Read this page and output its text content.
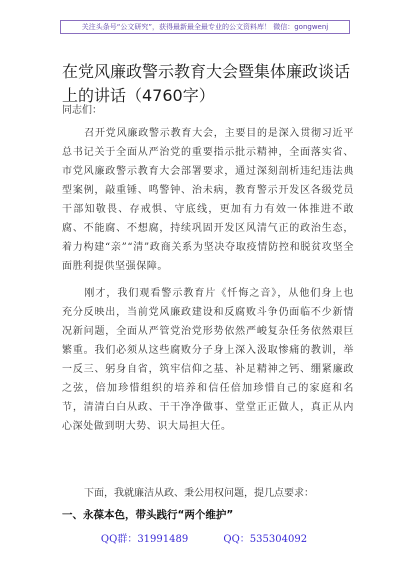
关注头条号“公文研究”，获得最新最全最专业的公文资料库！ 微信：gongwenj
在党风廉政警示教育大会暨集体廉政谈话上的讲话（4760字）
同志们：

召开党风廉政警示教育大会，主要目的是深入贯彻习近平总书记关于全面从严治党的重要指示批示精神，全面落实省、市党风廉政警示教育大会部署要求，通过深刻剖析违纪违法典型案例，敲重锤、鸣警钟、治未病，教育警示开发区各级党员干部知敬畏、存戒惧、守底线，更加有力有效一体推进不敢腐、不能腐、不想腐，持续巩固开发区风清气正的政治生态，着力构建“亲”“清”政商关系为坚决夺取疫情防控和脱贫攻坚全面胜利提供坚强保障。

刚才，我们观看警示教育片《忏悔之音》，从他们身上也充分反映出，当前党风廉政建设和反腐败斗争仍面临不少新情况新问题，全面从严管党治党形势依然严峻复杂任务依然艰巨繁重。我们必须从这些腐败分子身上深入汲取惨痛的教训，举一反三、躬身自省，筑牢信仰之基、补足精神之钙、绷紧廉政之弦，倍加珍惜组织的培养和信任倍加珍惜自己的家庭和名节，清清白白从政、干干净净做事、堂堂正正做人，真正从内心深处做到明大势、识大局担大任。

下面，我就廉洁从政、秉公用权问题，提几点要求：
一、永葆本色，带头践行“两个维护”
QQ群：31991489	QQ：535304092
